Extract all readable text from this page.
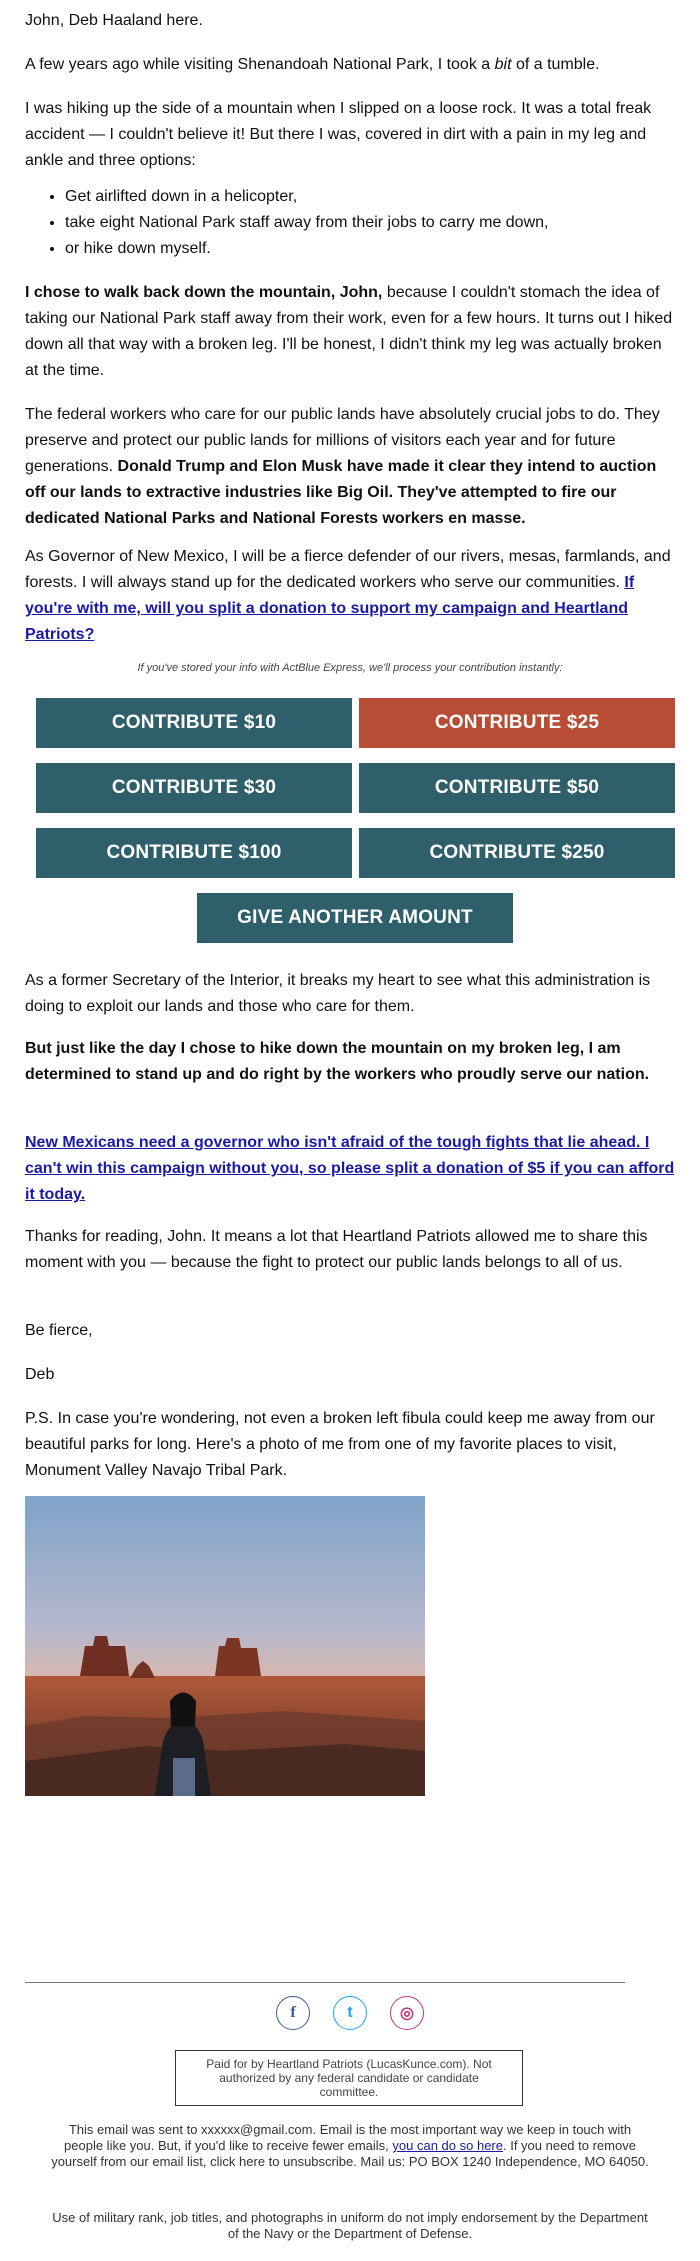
John, Deb Haaland here.

A few years ago while visiting Shenandoah National Park, I took a bit of a tumble.

I was hiking up the side of a mountain when I slipped on a loose rock. It was a total freak accident — I couldn't believe it! But there I was, covered in dirt with a pain in my leg and ankle and three options:

• Get airlifted down in a helicopter,
• take eight National Park staff away from their jobs to carry me down,
• or hike down myself.

I chose to walk back down the mountain, John, because I couldn't stomach the idea of taking our National Park staff away from their work, even for a few hours. It turns out I hiked down all that way with a broken leg. I'll be honest, I didn't think my leg was actually broken at the time.

The federal workers who care for our public lands have absolutely crucial jobs to do. They preserve and protect our public lands for millions of visitors each year and for future generations. Donald Trump and Elon Musk have made it clear they intend to auction off our lands to extractive industries like Big Oil. They've attempted to fire our dedicated National Parks and National Forests workers en masse.

As Governor of New Mexico, I will be a fierce defender of our rivers, mesas, farmlands, and forests. I will always stand up for the dedicated workers who serve our communities. If you're with me, will you split a donation to support my campaign and Heartland Patriots?

If you've stored your info with ActBlue Express, we'll process your contribution instantly:
CONTRIBUTE $10	CONTRIBUTE $25
CONTRIBUTE $30	CONTRIBUTE $50
CONTRIBUTE $100	CONTRIBUTE $250
GIVE ANOTHER AMOUNT

As a former Secretary of the Interior, it breaks my heart to see what this administration is doing to exploit our lands and those who care for them.

But just like the day I chose to hike down the mountain on my broken leg, I am determined to stand up and do right by the workers who proudly serve our nation.

New Mexicans need a governor who isn't afraid of the tough fights that lie ahead. I can't win this campaign without you, so please split a donation of $5 if you can afford it today.

Thanks for reading, John. It means a lot that Heartland Patriots allowed me to share this moment with you — because the fight to protect our public lands belongs to all of us.

Be fierce,

Deb

P.S. In case you're wondering, not even a broken left fibula could keep me away from our beautiful parks for long. Here's a photo of me from one of my favorite places to visit, Monument Valley Navajo Tribal Park.

f	t	◎
Paid for by Heartland Patriots (LucasKunce.com). Not authorized by any federal candidate or candidate committee.
This email was sent to xxxxxx@gmail.com. Email is the most important way we keep in touch with people like you. But, if you'd like to receive fewer emails, you can do so here. If you need to remove yourself from our email list, click here to unsubscribe. Mail us: PO BOX 1240 Independence, MO 64050.
Use of military rank, job titles, and photographs in uniform do not imply endorsement by the Department of the Navy or the Department of Defense.
